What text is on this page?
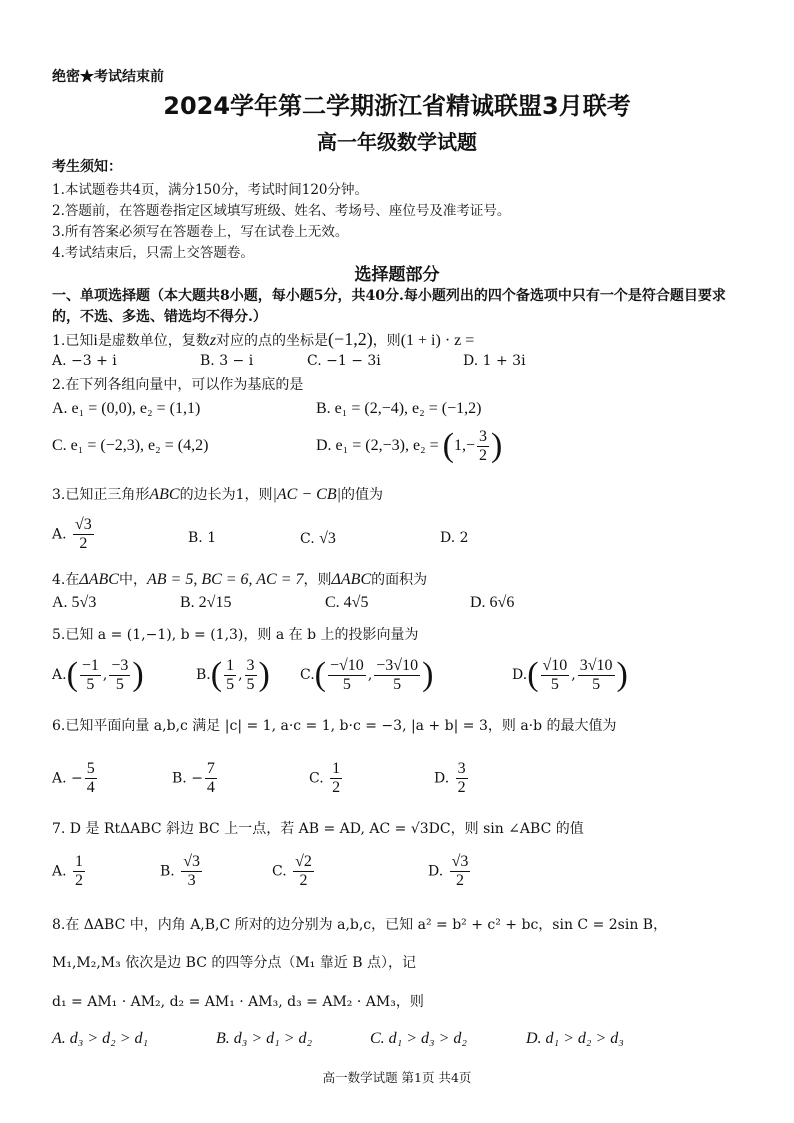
绝密★考试结束前
2024学年第二学期浙江省精诚联盟3月联考
高一年级数学试题
考生须知：
1.本试题卷共4页，满分150分，考试时间120分钟。
2.答题前，在答题卷指定区域填写班级、姓名、考场号、座位号及准考证号。
3.所有答案必须写在答题卷上，写在试卷上无效。
4.考试结束后，只需上交答题卷。
选择题部分
一、单项选择题（本大题共8小题，每小题5分，共40分.每小题列出的四个备选项中只有一个是符合题目要求的，不选、多选、错选均不得分.）
1.已知i是虚数单位，复数z对应的点的坐标是(−1,2)，则(1 + i) · z =
A. −3 + i	B. 3 − i	C. −1 − 3i	D. 1 + 3i
2.在下列各组向量中，可以作为基底的是
A. e₁ = (0,0), e₂ = (1,1)	B. e₁ = (2,−4), e₂ = (−1,2)
C. e₁ = (−2,3), e₂ = (4,2)	D. e₁ = (2,−3), $e_2 = (1,- \frac{3}{2}$ )
3.已知正三角形ABC的边长为1，则|AC − CB|的值为
A. $\frac{√3}{2}$	B. 1	C. √3	D. 2
4.在ΔABC中，AB = 5, BC = 6, AC = 7，则ΔABC的面积为
A. 5√3	B. 2√15	C. 4√5	D. 6√6
5.已知 a = (1,−1), b = (1,3)，则 a 在 b 上的投影向量为
$A.( \frac{-1}{5}$ , $\frac{-3}{5}$ )	$B.( \frac{1}{5}$ , $\frac{3}{5}$ ) $C.( \frac{-√10}{5}$ , $\frac{-3√10}{5}$ )	$D.( \frac{√10}{5}$ , $\frac{3√10}{5}$ )
6.已知平面向量 a,b,c 满足 |c| = 1, a·c = 1, b·c = −3, |a + b| = 3，则 a·b 的最大值为
A. − $\frac{5}{4}$	B. − $\frac{7}{4}$	C. $\frac{1}{2}$	D. $\frac{3}{2}$
7. D 是 RtΔABC 斜边 BC 上一点，若 AB = AD, AC = √3DC，则 sin ∠ABC 的值
A. $\frac{1}{2}$	B. $\frac{√3}{3}$	C. $\frac{√2}{2}$	D. $\frac{√3}{2}$
8.在 ΔABC 中，内角 A,B,C 所对的边分别为 a,b,c，已知 a² = b² + c² + bc，sin C = 2sin B，
M₁,M₂,M₃ 依次是边 BC 的四等分点（M₁ 靠近 B 点），记
d₁ = AM₁ · AM₂, d₂ = AM₁ · AM₃, d₃ = AM₂ · AM₃，则
A. d₃ > d₂ > d₁	B. d₃ > d₁ > d₂	C. d₁ > d₃ > d₂	D. d₁ > d₂ > d₃
高一数学试题 第1页 共4页
